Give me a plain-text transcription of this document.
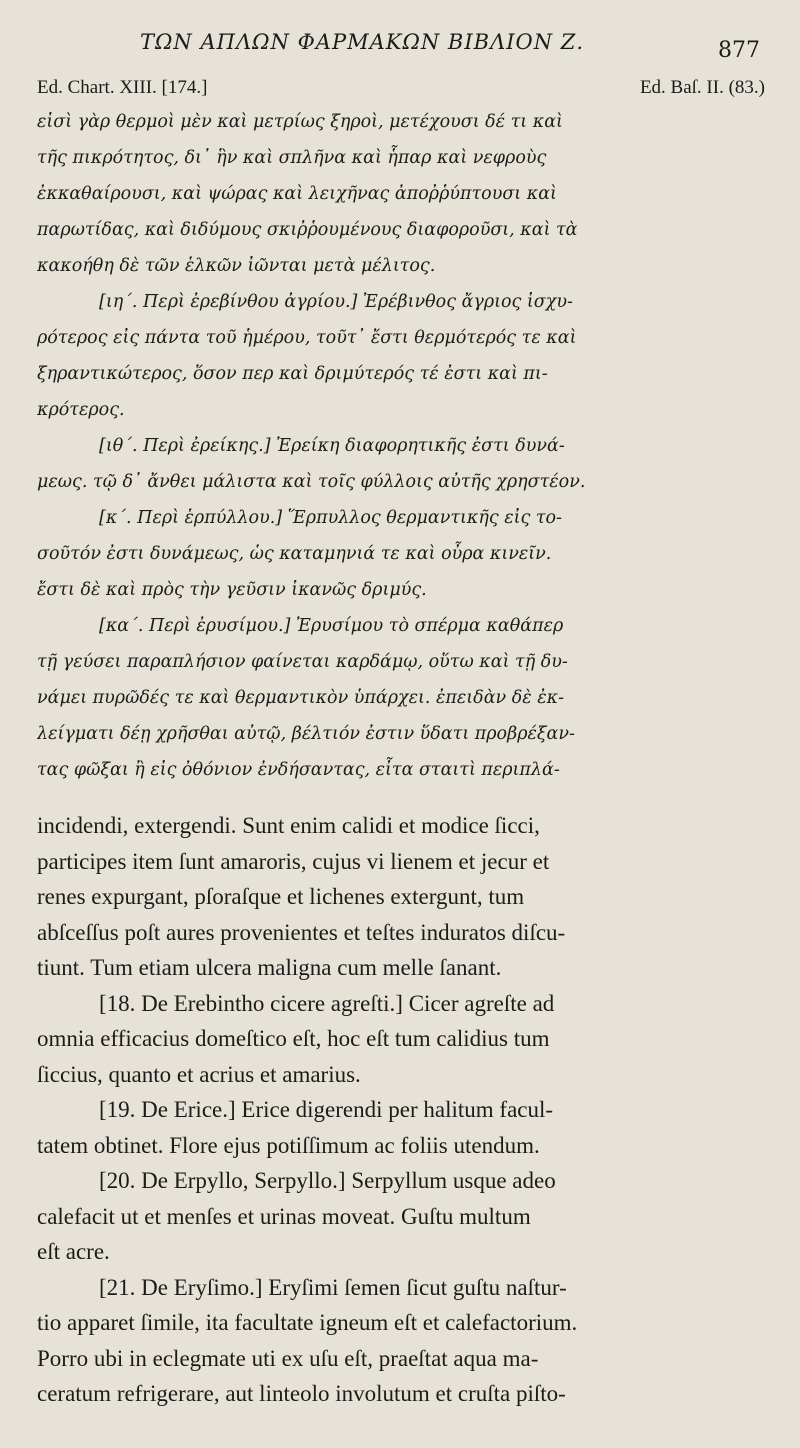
ΤΩΝ ΑΠΛΩΝ ΦΑΡΜΑΚΩΝ ΒΙΒΛΙΟΝ Ζ.	877
Ed. Chart. XIII. [174.]	Ed. Baſ. II. (83.)
εἰσὶ γὰρ θερμοὶ μὲν καὶ μετρίως ξηροὶ, μετέχουσι δέ τι καὶ
τῆς πικρότητος, δι᾿ ἣν καὶ σπλῆνα καὶ ἧπαρ καὶ νεφροὺς
ἐκκαθαίρουσι, καὶ ψώρας καὶ λειχῆνας ἀποῤῥύπτουσι καὶ
παρωτίδας, καὶ διδύμους σκιῤῥουμένους διαφοροῦσι, καὶ τὰ
κακοήθη δὲ τῶν ἑλκῶν ἰῶνται μετὰ μέλιτος.
[ιη΄. Περὶ ἐρεβίνθου ἀγρίου.] Ἐρέβινθος ἄγριος ἰσχυ-
ρότερος εἰς πάντα τοῦ ἡμέρου, τοῦτ᾿ ἔστι θερμότερός τε καὶ
ξηραντικώτερος, ὅσον περ καὶ δριμύτερός τέ ἐστι καὶ πι-
κρότερος.
[ιθ΄. Περὶ ἐρείκης.] Ἐρείκη διαφορητικῆς ἐστι δυνά-
μεως. τῷ δ᾿ ἄνθει μάλιστα καὶ τοῖς φύλλοις αὐτῆς χρηστέον.
[κ΄. Περὶ ἑρπύλλου.] Ἕρπυλλος θερμαντικῆς εἰς το-
σοῦτόν ἐστι δυνάμεως, ὡς καταμηνιά τε καὶ οὖρα κινεῖν.
ἔστι δὲ καὶ πρὸς τὴν γεῦσιν ἱκανῶς δριμύς.
[κα΄. Περὶ ἐρυσίμου.] Ἐρυσίμου τὸ σπέρμα καθάπερ
τῇ γεύσει παραπλήσιον φαίνεται καρδάμῳ, οὕτω καὶ τῇ δυ-
νάμει πυρῶδές τε καὶ θερμαντικὸν ὑπάρχει. ἐπειδὰν δὲ ἐκ-
λείγματι δέῃ χρῆσθαι αὐτῷ, βέλτιόν ἐστιν ὕδατι προβρέξαν-
τας φῶξαι ἢ εἰς ὀθόνιον ἐνδήσαντας, εἶτα σταιτὶ περιπλά-
incidendi, extergendi. Sunt enim calidi et modice ſicci,
participes item ſunt amaroris, cujus vi lienem et jecur et
renes expurgant, pſoraſque et lichenes extergunt, tum
abſceſſus poſt aures provenientes et teſtes induratos diſcu-
tiunt. Tum etiam ulcera maligna cum melle ſanant.
[18. De Erebintho cicere agreſti.] Cicer agreſte ad
omnia efficacius domeſtico eſt, hoc eſt tum calidius tum
ſiccius, quanto et acrius et amarius.
[19. De Erice.] Erice digerendi per halitum facul-
tatem obtinet. Flore ejus potiſſimum ac foliis utendum.
[20. De Erpyllo, Serpyllo.] Serpyllum usque adeo
calefacit ut et menſes et urinas moveat. Guſtu multum
eſt acre.
[21. De Eryſimo.] Eryſimi ſemen ſicut guſtu naſtur-
tio apparet ſimile, ita facultate igneum eſt et calefactorium.
Porro ubi in eclegmate uti ex uſu eſt, praeſtat aqua ma-
ceratum refrigerare, aut linteolo involutum et cruſta piſto-
